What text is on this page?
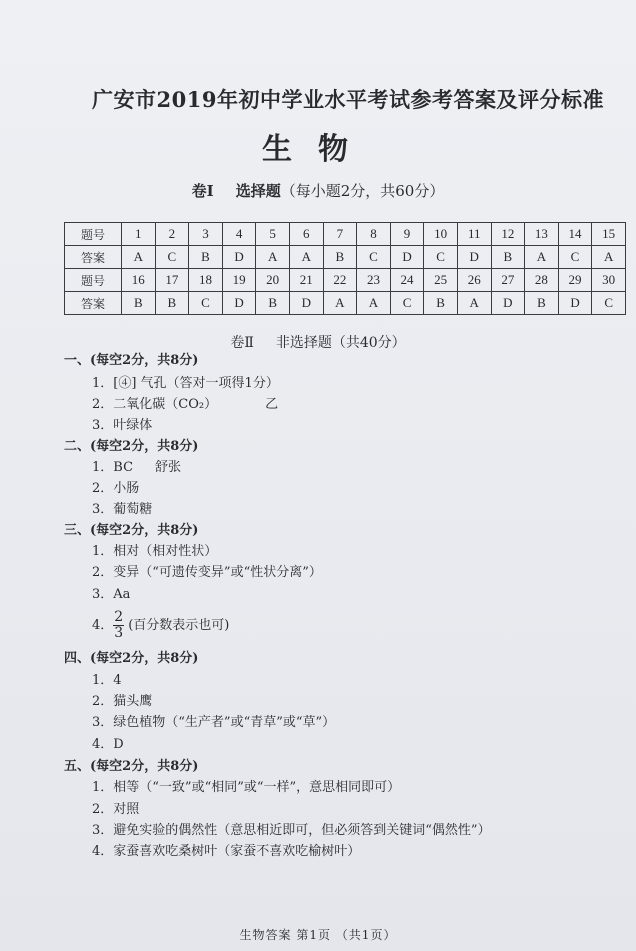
广安市2019年初中学业水平考试参考答案及评分标准
生物
卷Ⅰ 选择题（每小题2分，共60分）
题号	1	2	3	4	5	6	7	8	9	10	11	12	13	14	15
答案	A	C	B	D	A	A	B	C	D	C	D	B	A	C	A
题号	16	17	18	19	20	21	22	23	24	25	26	27	28	29	30
答案	B	B	C	D	B	D	A	A	C	B	A	D	B	D	C
卷Ⅱ 非选择题（共40分）
一、(每空2分，共8分)
1．[④] 气孔（答对一项得1分）
2．二氧化碳（CO₂）	乙
3．叶绿体
二、(每空2分，共8分)
1．BC 舒张
2．小肠
3．葡萄糖
三、(每空2分，共8分)
1．相对（相对性状）
2．变异（“可遗传变异”或“性状分离”）
3．Aa
4． $\frac{2}{3}$ (百分数表示也可)
四、(每空2分，共8分)
1．4
2．猫头鹰
3．绿色植物（“生产者”或“青草”或“草”）
4．D
五、(每空2分，共8分)
1．相等（“一致”或“相同”或“一样”，意思相同即可）
2．对照
3．避免实验的偶然性（意思相近即可，但必须答到关键词“偶然性”）
4．家蚕喜欢吃桑树叶（家蚕不喜欢吃榆树叶）
生物答案 第1页 （共1页）
